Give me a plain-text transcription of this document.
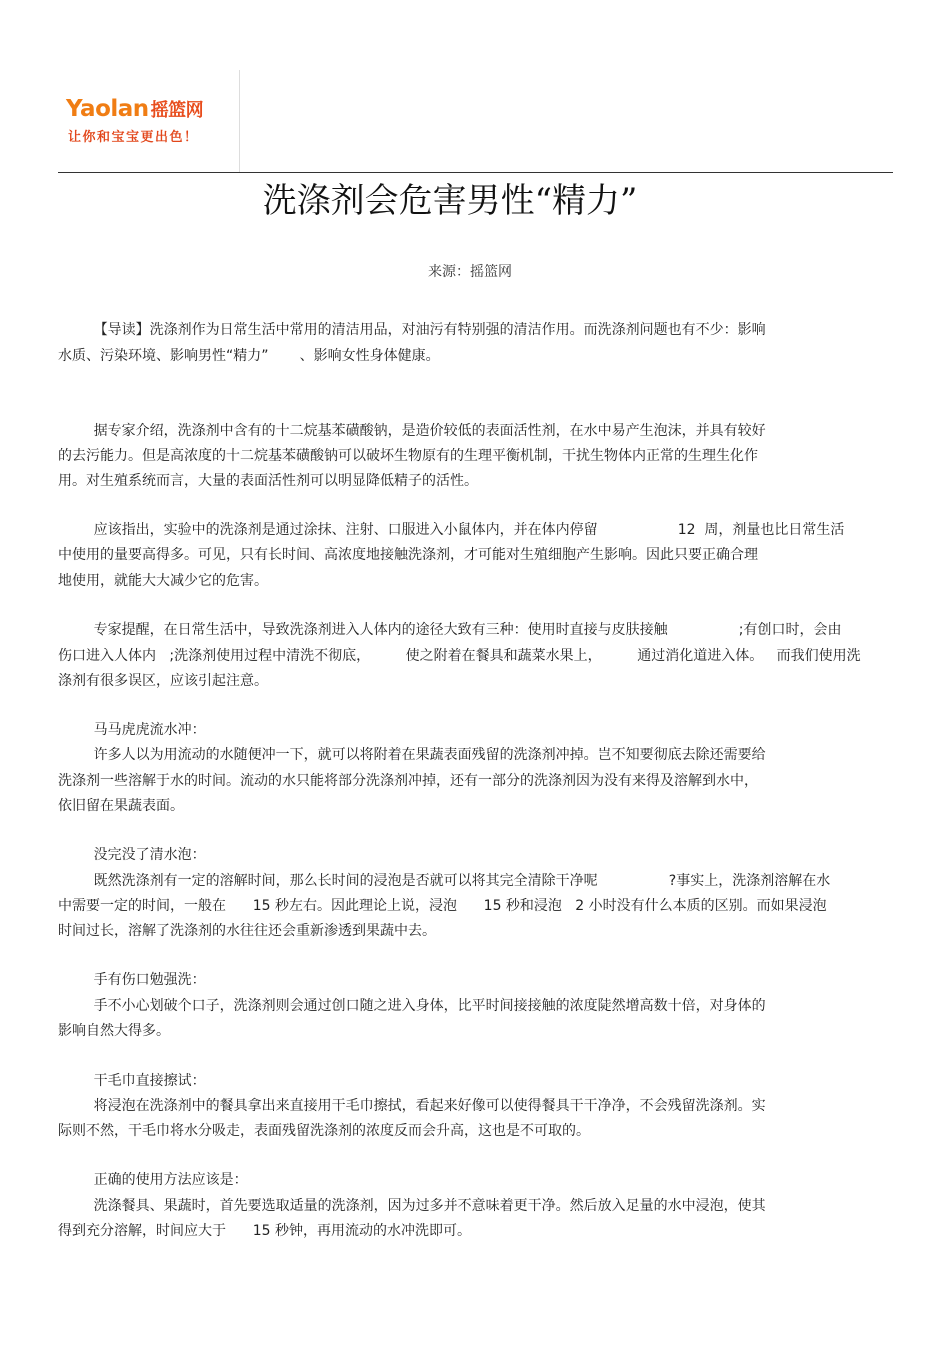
Yaolan 摇篮网
让你和宝宝更出色！
洗涤剂会危害男性“精力”
来源：摇篮网
【导读】洗涤剂作为日常生活中常用的清洁用品，对油污有特别强的清洁作用。而洗涤剂问题也有不少：影响
水质、污染环境、影响男性“精力”       、影响女性身体健康。
据专家介绍，洗涤剂中含有的十二烷基苯磺酸钠，是造价较低的表面活性剂，在水中易产生泡沫，并具有较好
的去污能力。但是高浓度的十二烷基苯磺酸钠可以破坏生物原有的生理平衡机制，干扰生物体内正常的生理生化作
用。对生殖系统而言，大量的表面活性剂可以明显降低精子的活性。
应该指出，实验中的洗涤剂是通过涂抹、注射、口服进入小鼠体内，并在体内停留                  12  周，剂量也比日常生活
中使用的量要高得多。可见，只有长时间、高浓度地接触洗涤剂，才可能对生殖细胞产生影响。因此只要正确合理
地使用，就能大大减少它的危害。
专家提醒，在日常生活中，导致洗涤剂进入人体内的途径大致有三种：使用时直接与皮肤接触                ;有创口时，会由
伤口进入人体内   ;洗涤剂使用过程中清洗不彻底，        使之附着在餐具和蔬菜水果上，        通过消化道进入体。   而我们使用洗
涤剂有很多误区，应该引起注意。
马马虎虎流水冲：
许多人以为用流动的水随便冲一下，就可以将附着在果蔬表面残留的洗涤剂冲掉。岂不知要彻底去除还需要给
洗涤剂一些溶解于水的时间。流动的水只能将部分洗涤剂冲掉，还有一部分的洗涤剂因为没有来得及溶解到水中，
依旧留在果蔬表面。
没完没了清水泡：
既然洗涤剂有一定的溶解时间，那么长时间的浸泡是否就可以将其完全清除干净呢                ?事实上，洗涤剂溶解在水
中需要一定的时间，一般在      15 秒左右。因此理论上说，浸泡      15 秒和浸泡   2 小时没有什么本质的区别。而如果浸泡
时间过长，溶解了洗涤剂的水往往还会重新渗透到果蔬中去。
手有伤口勉强洗：
手不小心划破个口子，洗涤剂则会通过创口随之进入身体，比平时间接接触的浓度陡然增高数十倍，对身体的
影响自然大得多。
干毛巾直接擦试：
将浸泡在洗涤剂中的餐具拿出来直接用干毛巾擦拭，看起来好像可以使得餐具干干净净，不会残留洗涤剂。实
际则不然，干毛巾将水分吸走，表面残留洗涤剂的浓度反而会升高，这也是不可取的。
正确的使用方法应该是：
洗涤餐具、果蔬时，首先要选取适量的洗涤剂，因为过多并不意味着更干净。然后放入足量的水中浸泡，使其
得到充分溶解，时间应大于      15 秒钟，再用流动的水冲洗即可。
